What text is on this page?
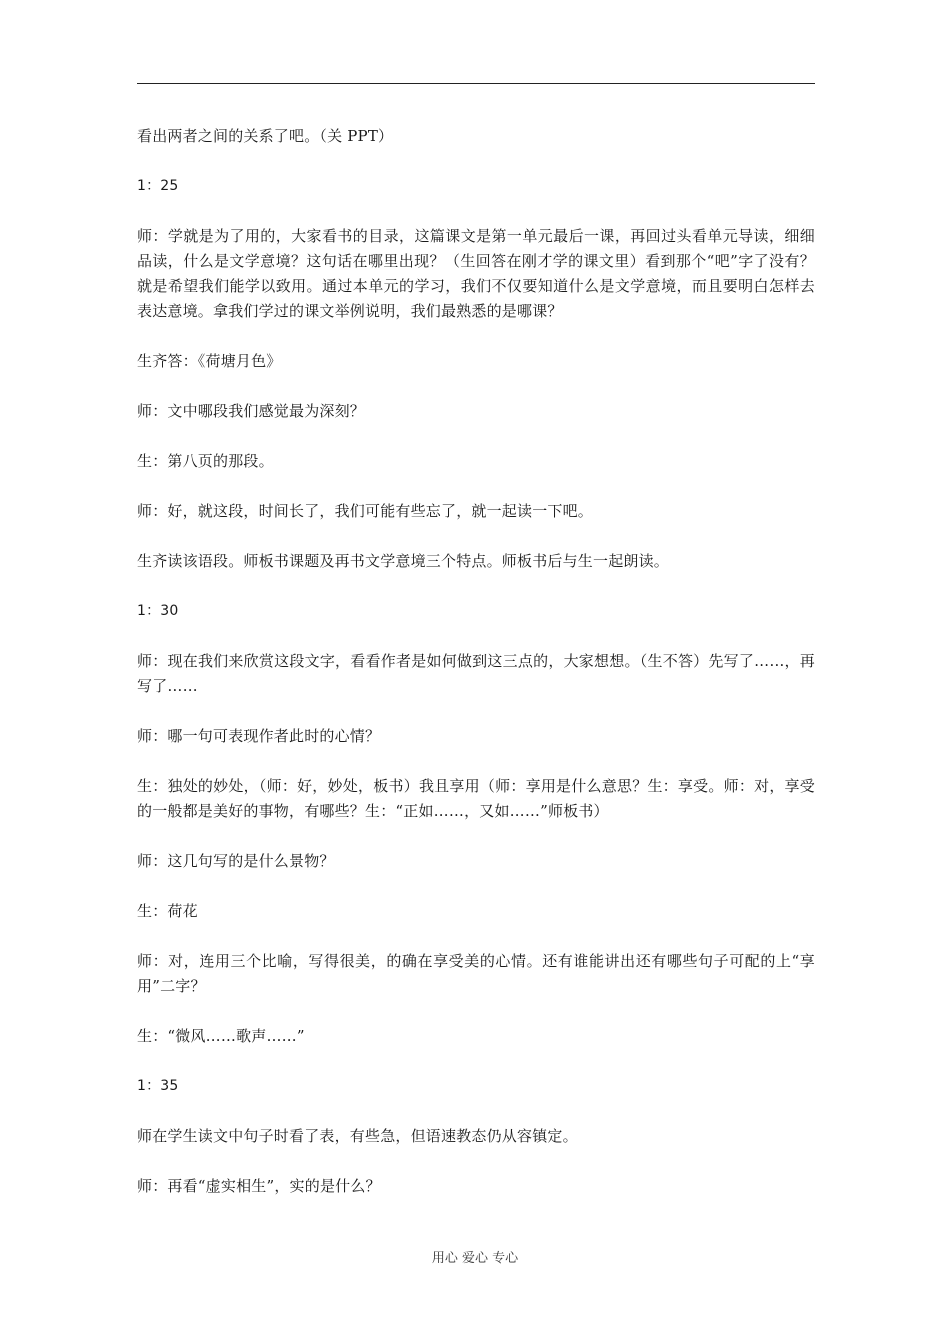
看出两者之间的关系了吧。（关 PPT）

1：25

师：学就是为了用的，大家看书的目录，这篇课文是第一单元最后一课，再回过头看单元导读，细细品读，什么是文学意境？这句话在哪里出现？（生回答在刚才学的课文里）看到那个“吧”字了没有？就是希望我们能学以致用。通过本单元的学习，我们不仅要知道什么是文学意境，而且要明白怎样去表达意境。拿我们学过的课文举例说明，我们最熟悉的是哪课？

生齐答：《荷塘月色》

师：文中哪段我们感觉最为深刻？

生：第八页的那段。

师：好，就这段，时间长了，我们可能有些忘了，就一起读一下吧。

生齐读该语段。师板书课题及再书文学意境三个特点。师板书后与生一起朗读。

1：30

师：现在我们来欣赏这段文字，看看作者是如何做到这三点的，大家想想。（生不答）先写了……，再写了……

师：哪一句可表现作者此时的心情？

生：独处的妙处，（师：好，妙处，板书）我且享用（师：享用是什么意思？生：享受。师：对，享受的一般都是美好的事物，有哪些？生：“正如……，又如……”师板书）

师：这几句写的是什么景物？

生：荷花

师：对，连用三个比喻，写得很美，的确在享受美的心情。还有谁能讲出还有哪些句子可配的上“享用”二字？

生：“微风……歌声……”

1：35

师在学生读文中句子时看了表，有些急，但语速教态仍从容镇定。

师：再看“虚实相生”，实的是什么？

用心 爱心 专心
